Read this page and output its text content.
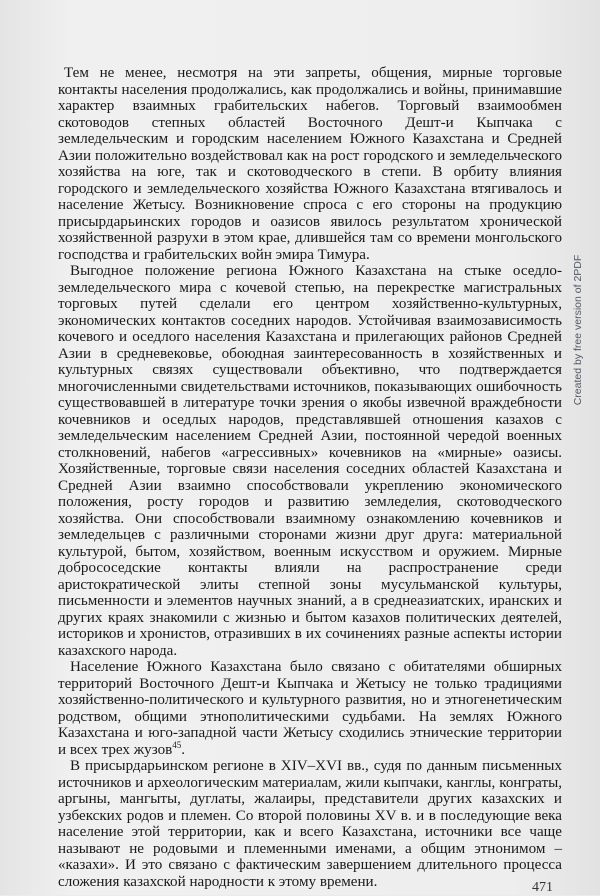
Тем не менее, несмотря на эти запреты, общения, мирные торговые контакты населения продолжались, как продолжались и войны, принимавшие характер взаимных грабительских набегов. Торговый взаимообмен скотоводов степных областей Восточного Дешт-и Кыпчака с земледельческим и городским населением Южного Казахстана и Средней Азии положительно воздействовал как на рост городского и земледельческого хозяйства на юге, так и скотоводческого в степи. В орбиту влияния городского и земледельческого хозяйства Южного Казахстана втягивалось и население Жетысу. Возникновение спроса с его стороны на продукцию присырдарьинских городов и оазисов явилось результатом хронической хозяйственной разрухи в этом крае, длившейся там со времени монгольского господства и грабительских войн эмира Тимура.

Выгодное положение региона Южного Казахстана на стыке оседло-земледельческого мира с кочевой степью, на перекрестке магистральных торговых путей сделали его центром хозяйственно-культурных, экономических контактов соседних народов. Устойчивая взаимозависимость кочевого и оседлого населения Казахстана и прилегающих районов Средней Азии в средневековье, обоюдная заинтересованность в хозяйственных и культурных связях существовали объективно, что подтверждается многочисленными свидетельствами источников, показывающих ошибочность существовавшей в литературе точки зрения о якобы извечной враждебности кочевников и оседлых народов, представлявшей отношения казахов с земледельческим населением Средней Азии, постоянной чередой военных столкновений, набегов «агрессивных» кочевников на «мирные» оазисы. Хозяйственные, торговые связи населения соседних областей Казахстана и Средней Азии взаимно способствовали укреплению экономического положения, росту городов и развитию земледелия, скотоводческого хозяйства. Они способствовали взаимному ознакомлению кочевников и земледельцев с различными сторонами жизни друг друга: материальной культурой, бытом, хозяйством, военным искусством и оружием. Мирные добрососедские контакты влияли на распространение среди аристократической элиты степной зоны мусульманской культуры, письменности и элементов научных знаний, а в среднеазиатских, иранских и других краях знакомили с жизнью и бытом казахов политических деятелей, историков и хронистов, отразивших в их сочинениях разные аспекты истории казахского народа.

Население Южного Казахстана было связано с обитателями обширных территорий Восточного Дешт-и Кыпчака и Жетысу не только традициями хозяйственно-политического и культурного развития, но и этногенетическим родством, общими этнополитическими судьбами. На землях Южного Казахстана и юго-западной части Жетысу сходились этнические территории и всех трех жузов$^{45}$.

В присырдарьинском регионе в XIV–XVI вв., судя по данным письменных источников и археологическим материалам, жили кыпчаки, канглы, конграты, аргыны, мангыты, дуглаты, жалаиры, представители других казахских и узбекских родов и племен. Со второй половины XV в. и в последующие века население этой территории, как и всего Казахстана, источники все чаще называют не родовыми и племенными именами, а общим этнонимом – «казахи». И это связано с фактическим завершением длительного процесса сложения казахской народности к этому времени.

Created by free version of 2PDF
471
